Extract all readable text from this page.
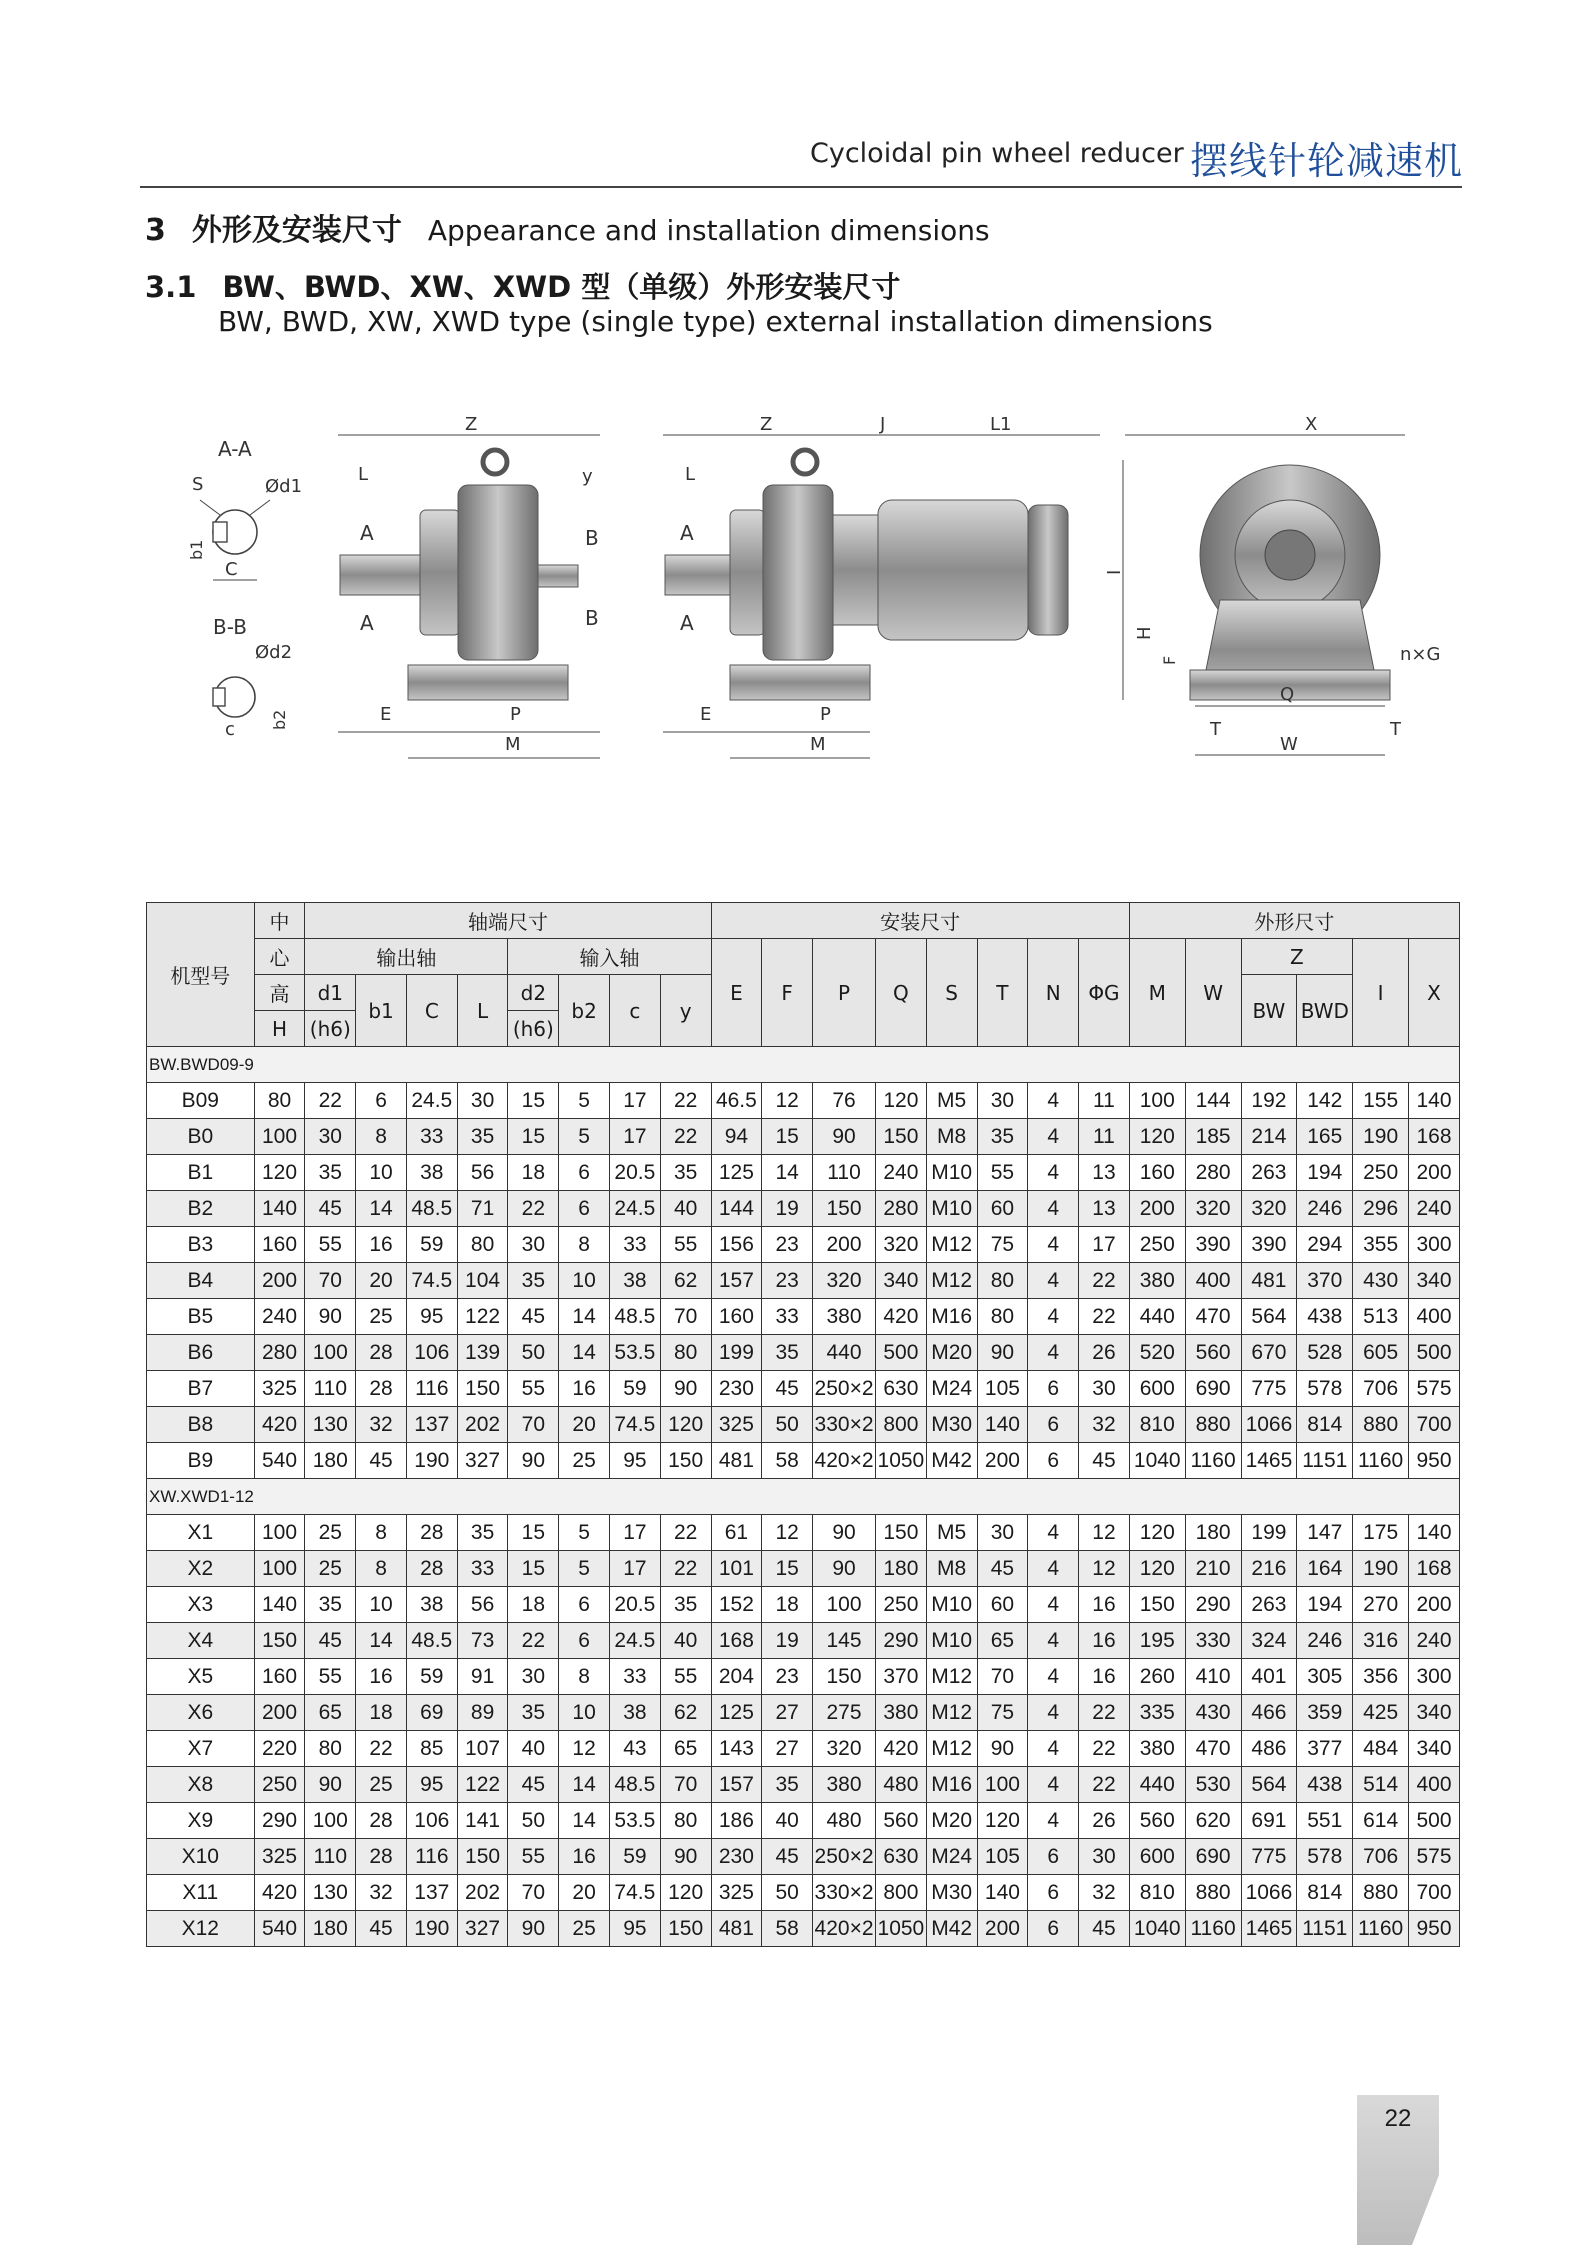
Cycloidal pin wheel reducer 摆线针轮减速机
3 外形及安装尺寸 Appearance and installation dimensions
3.1 BW、BWD、XW、XWD 型（单级）外形安装尺寸
BW, BWD, XW, XWD type (single type) external installation dimensions
A-A
S	Ød1
b1
C
B-B
Ød2
c b2
Z
L	y
A
A
B
B
E	P
M
Z	J	L1
L
A
A
E	P
M
X
I
H
F	n×G
Q
T	T
W
机型号	中	轴端尺寸								安装尺寸								外形尺寸					
	心	输出轴				输入轴				E	F	P	Q	S	T	N	ΦG	M	W	Z		I	X
	高	d1	b1	C	L	d2	b2	c	y											BW	BWD		
	H	(h6)				(h6)																	
BW.BWD09-9																							
B09	80	22	6	24.5	30	15	5	17	22	46.5	12	76	120	M5	30	4	11	100	144	192	142	155	140
B0	100	30	8	33	35	15	5	17	22	94	15	90	150	M8	35	4	11	120	185	214	165	190	168
B1	120	35	10	38	56	18	6	20.5	35	125	14	110	240	M10	55	4	13	160	280	263	194	250	200
B2	140	45	14	48.5	71	22	6	24.5	40	144	19	150	280	M10	60	4	13	200	320	320	246	296	240
B3	160	55	16	59	80	30	8	33	55	156	23	200	320	M12	75	4	17	250	390	390	294	355	300
B4	200	70	20	74.5	104	35	10	38	62	157	23	320	340	M12	80	4	22	380	400	481	370	430	340
B5	240	90	25	95	122	45	14	48.5	70	160	33	380	420	M16	80	4	22	440	470	564	438	513	400
B6	280	100	28	106	139	50	14	53.5	80	199	35	440	500	M20	90	4	26	520	560	670	528	605	500
B7	325	110	28	116	150	55	16	59	90	230	45	250×2	630	M24	105	6	30	600	690	775	578	706	575
B8	420	130	32	137	202	70	20	74.5	120	325	50	330×2	800	M30	140	6	32	810	880	1066	814	880	700
B9	540	180	45	190	327	90	25	95	150	481	58	420×2	1050	M42	200	6	45	1040	1160	1465	1151	1160	950
XW.XWD1-12																							
X1	100	25	8	28	35	15	5	17	22	61	12	90	150	M5	30	4	12	120	180	199	147	175	140
X2	100	25	8	28	33	15	5	17	22	101	15	90	180	M8	45	4	12	120	210	216	164	190	168
X3	140	35	10	38	56	18	6	20.5	35	152	18	100	250	M10	60	4	16	150	290	263	194	270	200
X4	150	45	14	48.5	73	22	6	24.5	40	168	19	145	290	M10	65	4	16	195	330	324	246	316	240
X5	160	55	16	59	91	30	8	33	55	204	23	150	370	M12	70	4	16	260	410	401	305	356	300
X6	200	65	18	69	89	35	10	38	62	125	27	275	380	M12	75	4	22	335	430	466	359	425	340
X7	220	80	22	85	107	40	12	43	65	143	27	320	420	M12	90	4	22	380	470	486	377	484	340
X8	250	90	25	95	122	45	14	48.5	70	157	35	380	480	M16	100	4	22	440	530	564	438	514	400
X9	290	100	28	106	141	50	14	53.5	80	186	40	480	560	M20	120	4	26	560	620	691	551	614	500
X10	325	110	28	116	150	55	16	59	90	230	45	250×2	630	M24	105	6	30	600	690	775	578	706	575
X11	420	130	32	137	202	70	20	74.5	120	325	50	330×2	800	M30	140	6	32	810	880	1066	814	880	700
X12	540	180	45	190	327	90	25	95	150	481	58	420×2	1050	M42	200	6	45	1040	1160	1465	1151	1160	950
22
